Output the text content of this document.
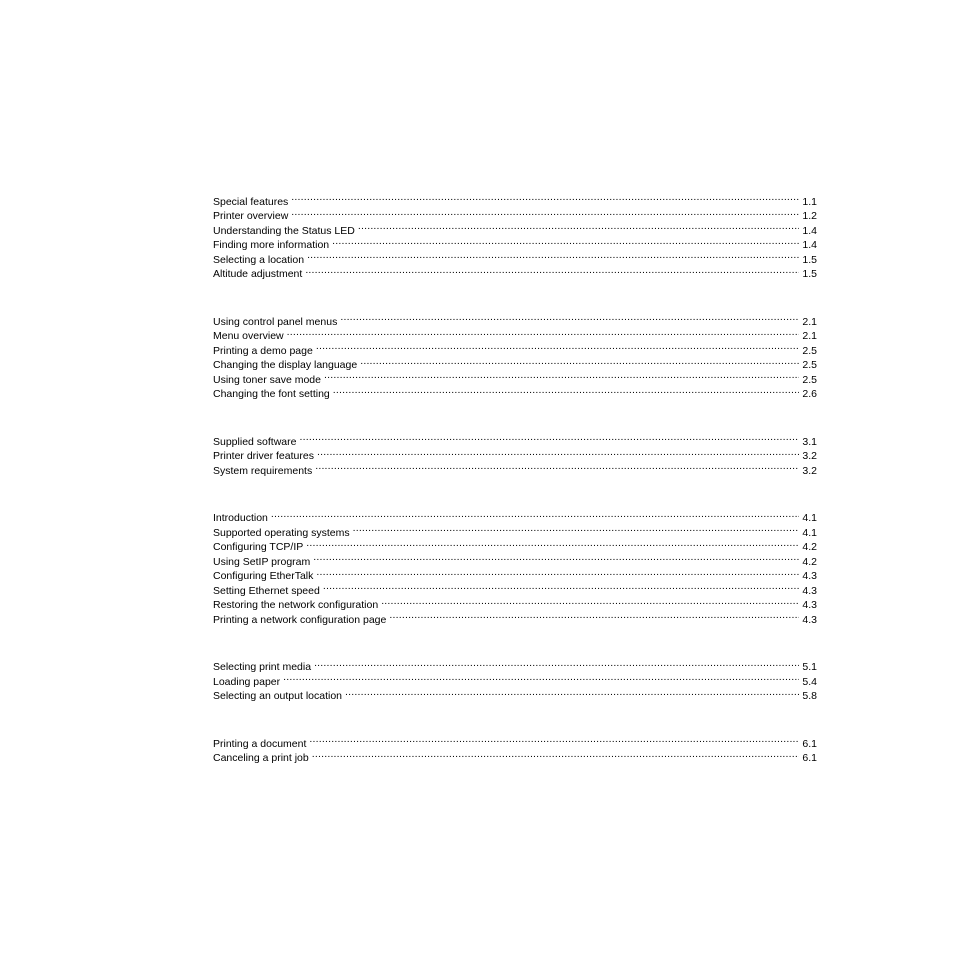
Special features .....	1.1
Printer overview .....	1.2
Understanding the Status LED .....	1.4
Finding more information .....	1.4
Selecting a location .....	1.5
Altitude adjustment .....	1.5
Using control panel menus .....	2.1
Menu overview .....	2.1
Printing a demo page .....	2.5
Changing the display language .....	2.5
Using toner save mode .....	2.5
Changing the font setting .....	2.6
Supplied software .....	3.1
Printer driver features .....	3.2
System requirements .....	3.2
Introduction .....	4.1
Supported operating systems .....	4.1
Configuring TCP/IP .....	4.2
Using SetIP program .....	4.2
Configuring EtherTalk .....	4.3
Setting Ethernet speed .....	4.3
Restoring the network configuration .....	4.3
Printing a network configuration page .....	4.3
Selecting print media .....	5.1
Loading paper .....	5.4
Selecting an output location .....	5.8
Printing a document .....	6.1
Canceling a print job .....	6.1
